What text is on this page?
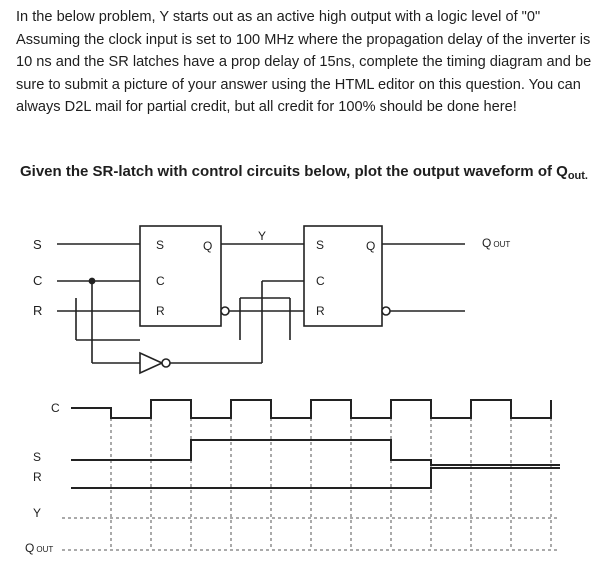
In the below problem, Y starts out as an active high output with a logic level of "0" Assuming the clock input is set to 100 MHz where the propagation delay of the inverter is 10 ns and the SR latches have a prop delay of 15ns, complete the timing diagram and be sure to submit a picture of your answer using the HTML editor on this question. You can always D2L mail for partial credit, but all credit for 100% should be done here!

Given the SR-latch with control circuits below, plot the output waveform of $Q_{out.}$

S
C
R
S
C
R
Q
Y
S
C
R
Q	QOUT
C
S
R
Y
QOUT
